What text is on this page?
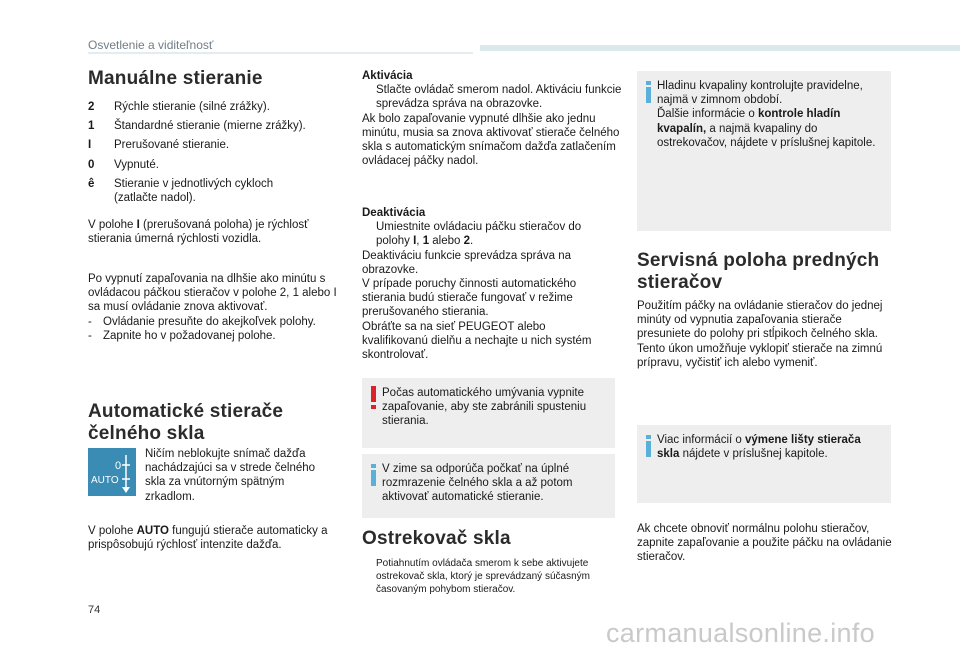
Osvetlenie a viditeľnosť
Manuálne stieranie
2	Rýchle stieranie (silné zrážky).
1	Štandardné stieranie (mierne zrážky).
I	Prerušované stieranie.
0	Vypnuté.
ê	Stieranie v jednotlivých cykloch (zatlačte nadol).

V polohe I (prerušovaná poloha) je rýchlosť stierania úmerná rýchlosti vozidla.

Po vypnutí zapaľovania na dlhšie ako minútu s ovládacou páčkou stieračov v polohe 2, 1 alebo I sa musí ovládanie znova aktivovať.

- Ovládanie presuňte do akejkoľvek polohy.
- Zapnite ho v požadovanej polohe.
Automatické stierače čelného skla
0
AUTO

Ničím neblokujte snímač dažďa nachádzajúci sa v strede čelného skla za vnútorným spätným zrkadlom.

V polohe AUTO fungujú stierače automaticky a prispôsobujú rýchlosť intenzite dažďa.

Aktivácia
Stlačte ovládač smerom nadol. Aktiváciu funkcie sprevádza správa na obrazovke.
Ak bolo zapaľovanie vypnuté dlhšie ako jednu minútu, musia sa znova aktivovať stierače čelného skla s automatickým snímačom dažďa zatlačením ovládacej páčky nadol.
Deaktivácia
Umiestnite ovládaciu páčku stieračov do polohy I, 1 alebo 2.
Deaktiváciu funkcie sprevádza správa na obrazovke.
V prípade poruchy činnosti automatického stierania budú stierače fungovať v režime prerušovaného stierania.
Obráťte sa na sieť PEUGEOT alebo kvalifikovanú dielňu a nechajte u nich systém skontrolovať.
Počas automatického umývania vypnite zapaľovanie, aby ste zabránili spusteniu stierania.
V zime sa odporúča počkať na úplné rozmrazenie čelného skla a až potom aktivovať automatické stieranie.
Ostrekovač skla
Potiahnutím ovládača smerom k sebe aktivujete ostrekovač skla, ktorý je sprevádzaný súčasným časovaným pohybom stieračov.
Hladinu kvapaliny kontrolujte pravidelne, najmä v zimnom období.
Ďalšie informácie o kontrole hladín kvapalín, a najmä kvapaliny do ostrekovačov, nájdete v príslušnej kapitole.
Servisná poloha predných stieračov

Použitím páčky na ovládanie stieračov do jednej minúty od vypnutia zapaľovania stierače presuniete do polohy pri stĺpikoch čelného skla.
Tento úkon umožňuje vyklopiť stierače na zimnú prípravu, vyčistiť ich alebo vymeniť.

Viac informácií o výmene lišty stierača skla nájdete v príslušnej kapitole.

Ak chcete obnoviť normálnu polohu stieračov, zapnite zapaľovanie a použite páčku na ovládanie stieračov.

74
carmanualsonline.info
